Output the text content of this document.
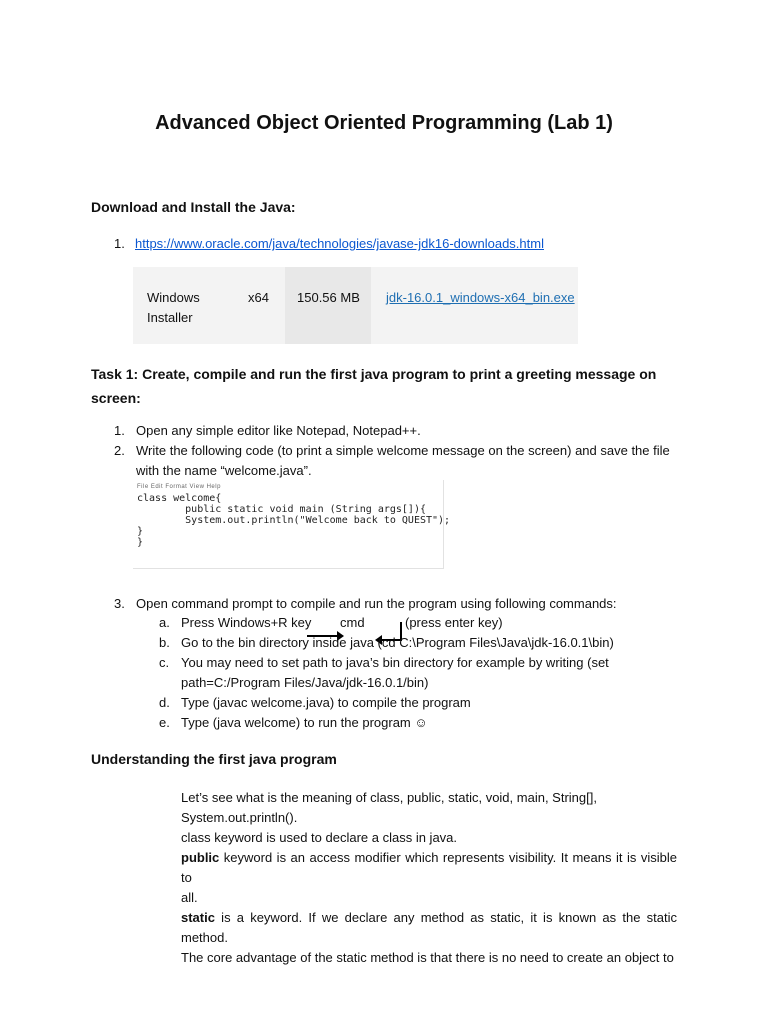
Advanced Object Oriented Programming (Lab 1)
Download and Install the Java:
1. https://www.oracle.com/java/technologies/javase-jdk16-downloads.html
Windows
Installer
x64 150.56 MB jdk-16.0.1_windows-x64_bin.exe
Task 1: Create, compile and run the first java program to print a greeting message on
screen:
1. Open any simple editor like Notepad, Notepad++.
2. Write the following code (to print a simple welcome message on the screen) and save the file
with the name “welcome.java”.
File Edit Format View Help
class welcome{
public static void main (String args[]){
System.out.println("Welcome back to QUEST");
}
}
3. Open command prompt to compile and run the program using following commands:
a. Press Windows+R key cmd	(press enter key)
b. Go to the bin directory inside java (cd C:\Program Files\Java\jdk-16.0.1\bin)
c. You may need to set path to java’s bin directory for example by writing (set
path=C:/Program Files/Java/jdk-16.0.1/bin)
d. Type (javac welcome.java) to compile the program
e. Type (java welcome) to run the program ☺
Understanding the first java program
Let’s see what is the meaning of class, public, static, void, main, String[],
System.out.println().
class keyword is used to declare a class in java.
public keyword is an access modifier which represents visibility. It means it is visible to
all.
static is a keyword. If we declare any method as static, it is known as the static method.
The core advantage of the static method is that there is no need to create an object to
